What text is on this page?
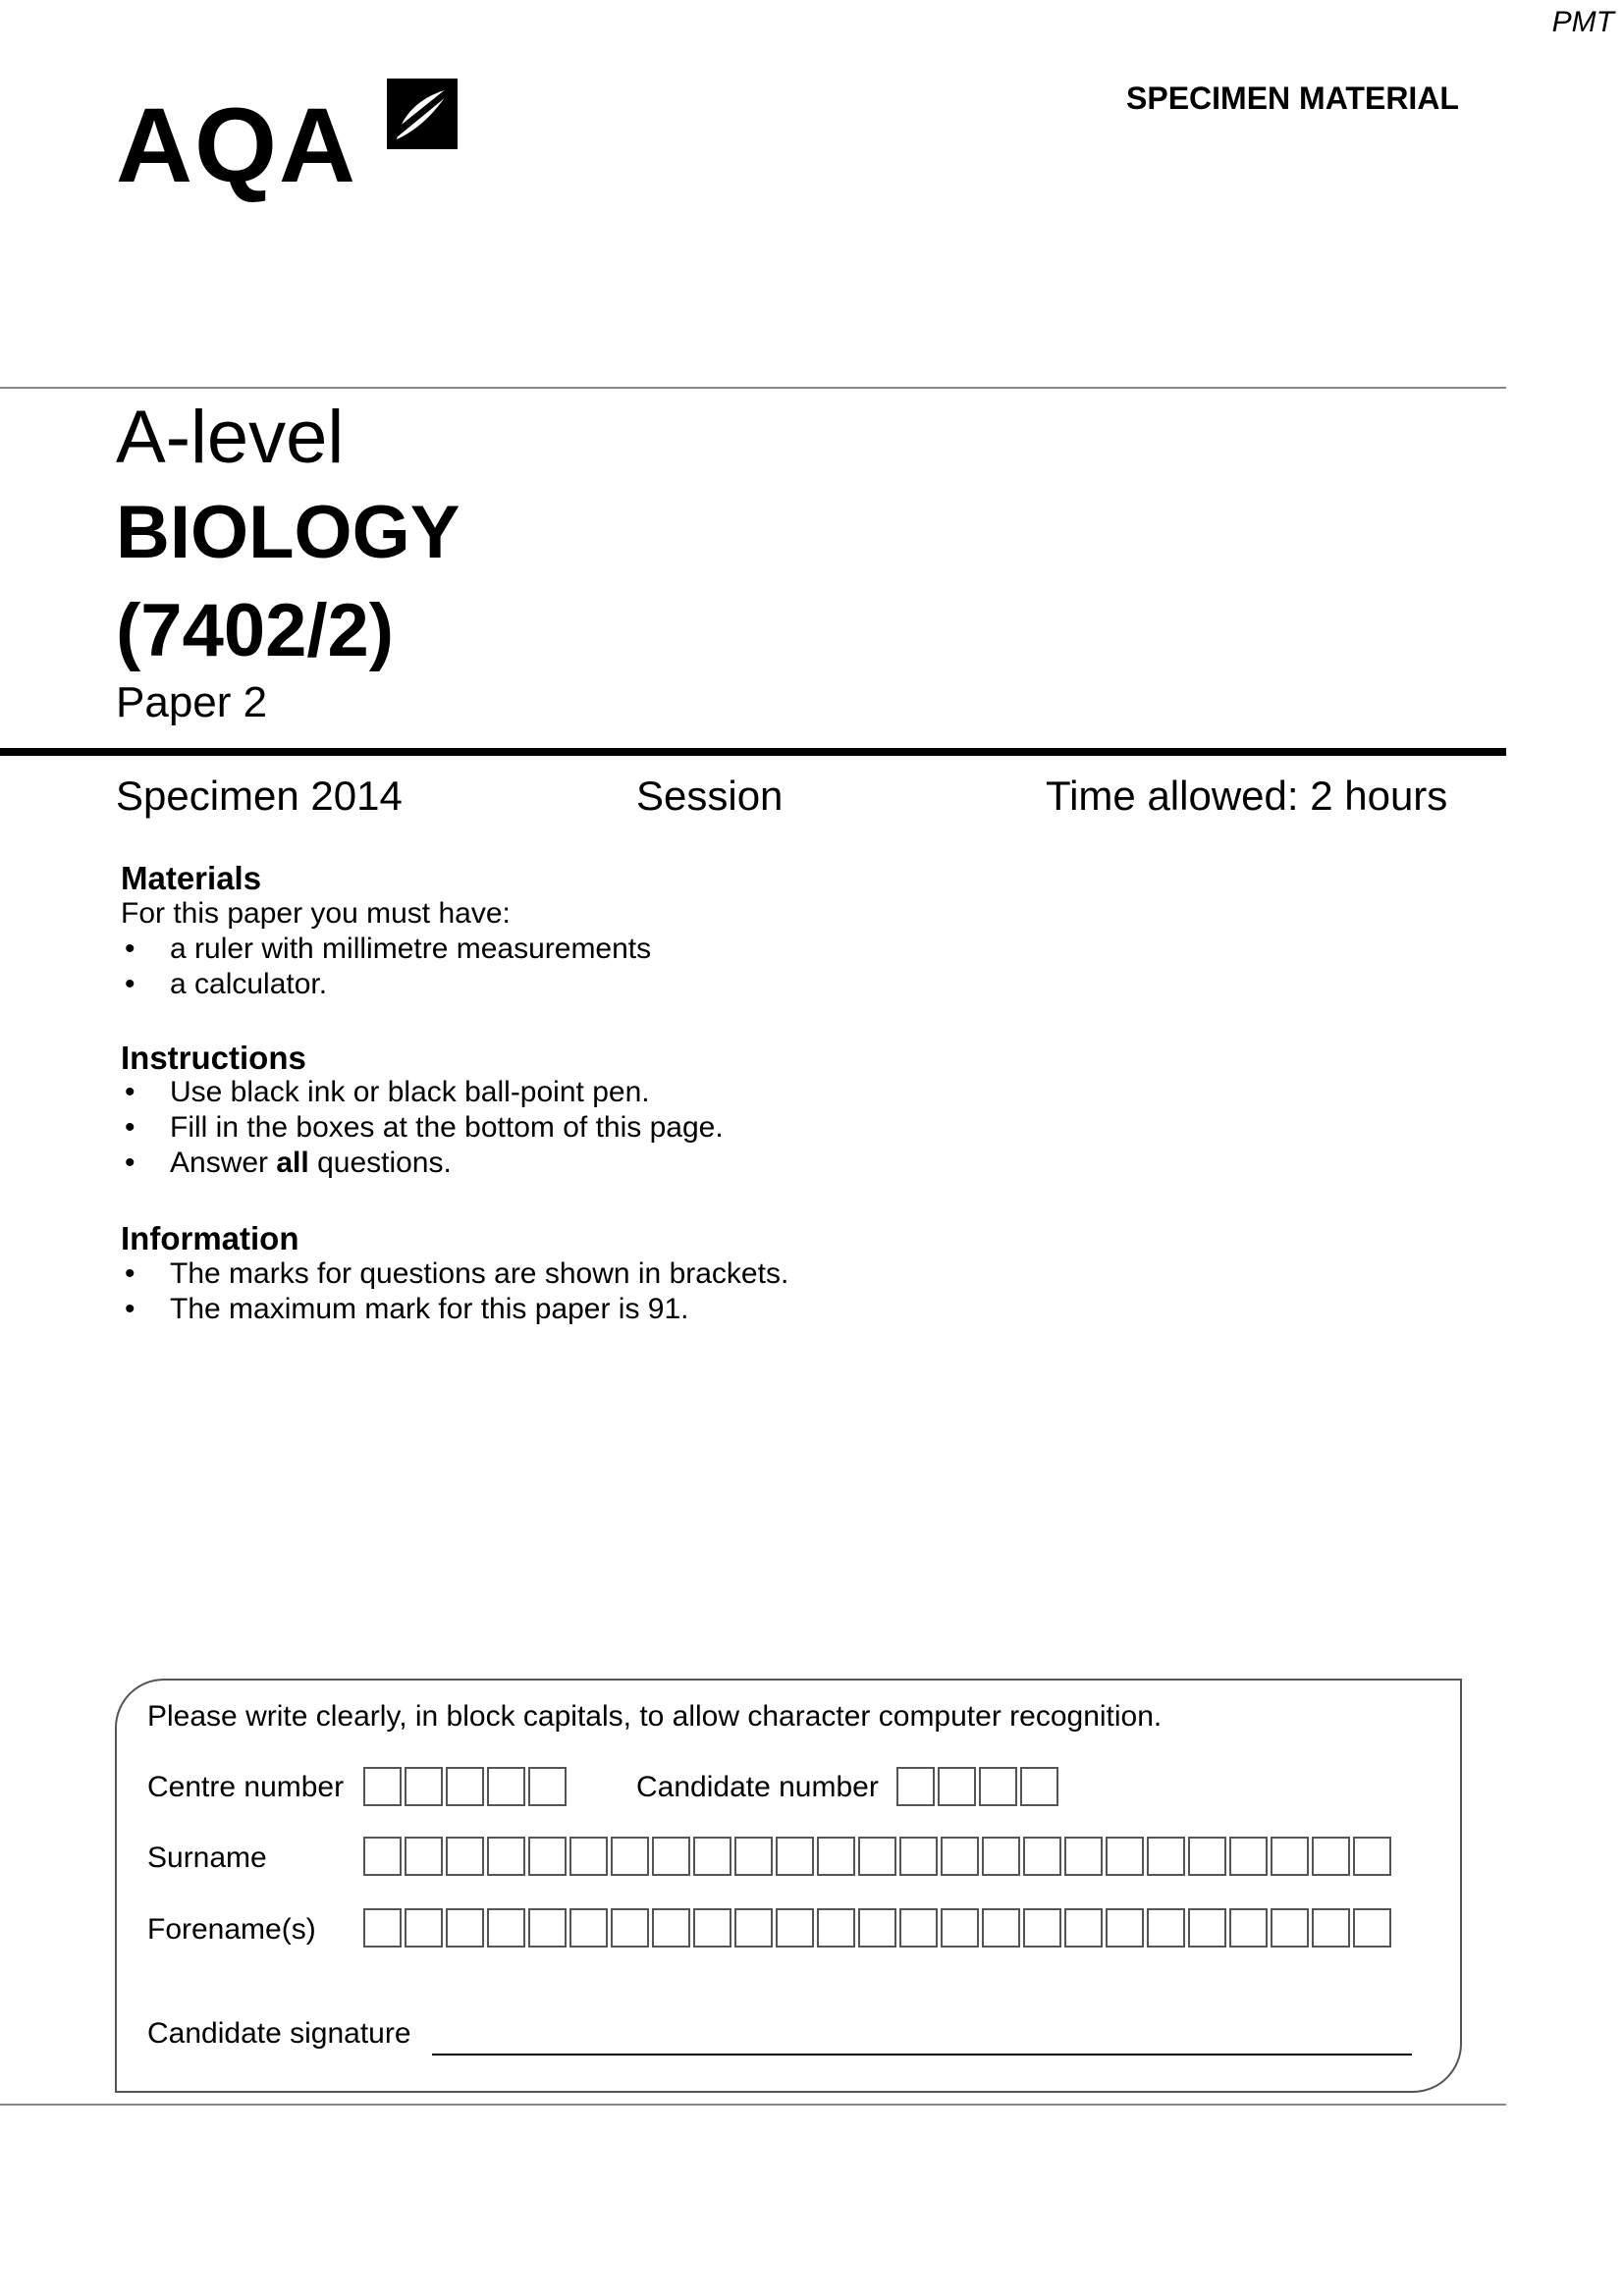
PMT
AQA	SPECIMEN MATERIAL
A-level
BIOLOGY
(7402/2)
Paper 2
Specimen 2014	Session	Time allowed: 2 hours
Materials
For this paper you must have:
• a ruler with millimetre measurements
• a calculator.
Instructions
• Use black ink or black ball-point pen.
• Fill in the boxes at the bottom of this page.
• Answer all questions.
Information
• The marks for questions are shown in brackets.
• The maximum mark for this paper is 91.
Please write clearly, in block capitals, to allow character computer recognition.
Centre number	Candidate number
Surname
Forename(s)
Candidate signature
